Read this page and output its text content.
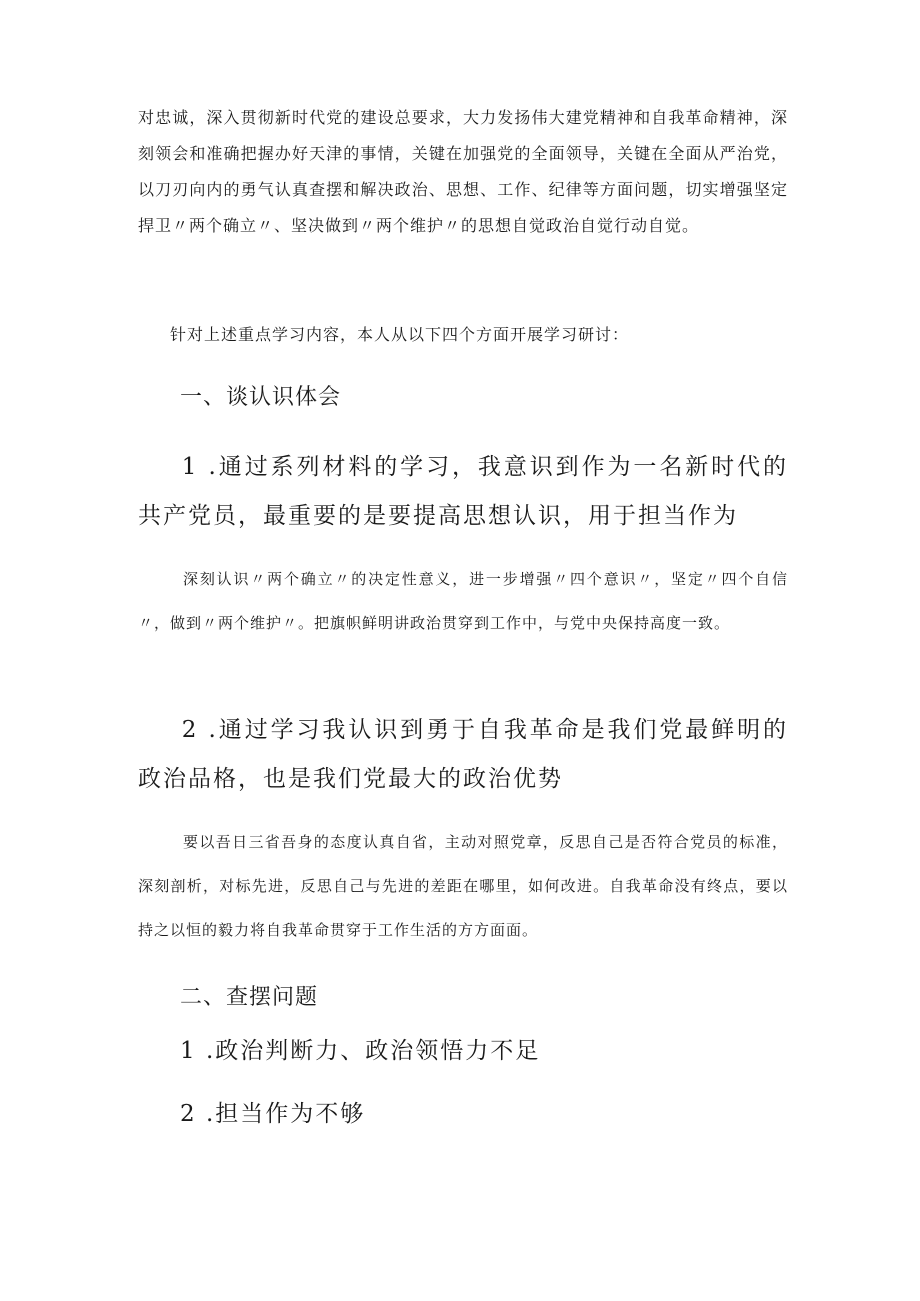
对忠诚，深入贯彻新时代党的建设总要求，大力发扬伟大建党精神和自我革命精神，深刻领会和准确把握办好天津的事情，关键在加强党的全面领导，关键在全面从严治党，以刀刃向内的勇气认真查摆和解决政治、思想、工作、纪律等方面问题，切实增强坚定捍卫〃两个确立〃、坚决做到〃两个维护〃的思想自觉政治自觉行动自觉。

针对上述重点学习内容，本人从以下四个方面开展学习研讨：

一、谈认识体会

1 .通过系列材料的学习，我意识到作为一名新时代的共产党员，最重要的是要提高思想认识，用于担当作为

深刻认识〃两个确立〃的决定性意义，进一步增强〃四个意识〃，坚定〃四个自信〃，做到〃两个维护〃。把旗帜鲜明讲政治贯穿到工作中，与党中央保持高度一致。

2 .通过学习我认识到勇于自我革命是我们党最鲜明的政治品格，也是我们党最大的政治优势

要以吾日三省吾身的态度认真自省，主动对照党章，反思自己是否符合党员的标准，深刻剖析，对标先进，反思自己与先进的差距在哪里，如何改进。自我革命没有终点，要以持之以恒的毅力将自我革命贯穿于工作生活的方方面面。

二、查摆问题

1 .政治判断力、政治领悟力不足

2 .担当作为不够
